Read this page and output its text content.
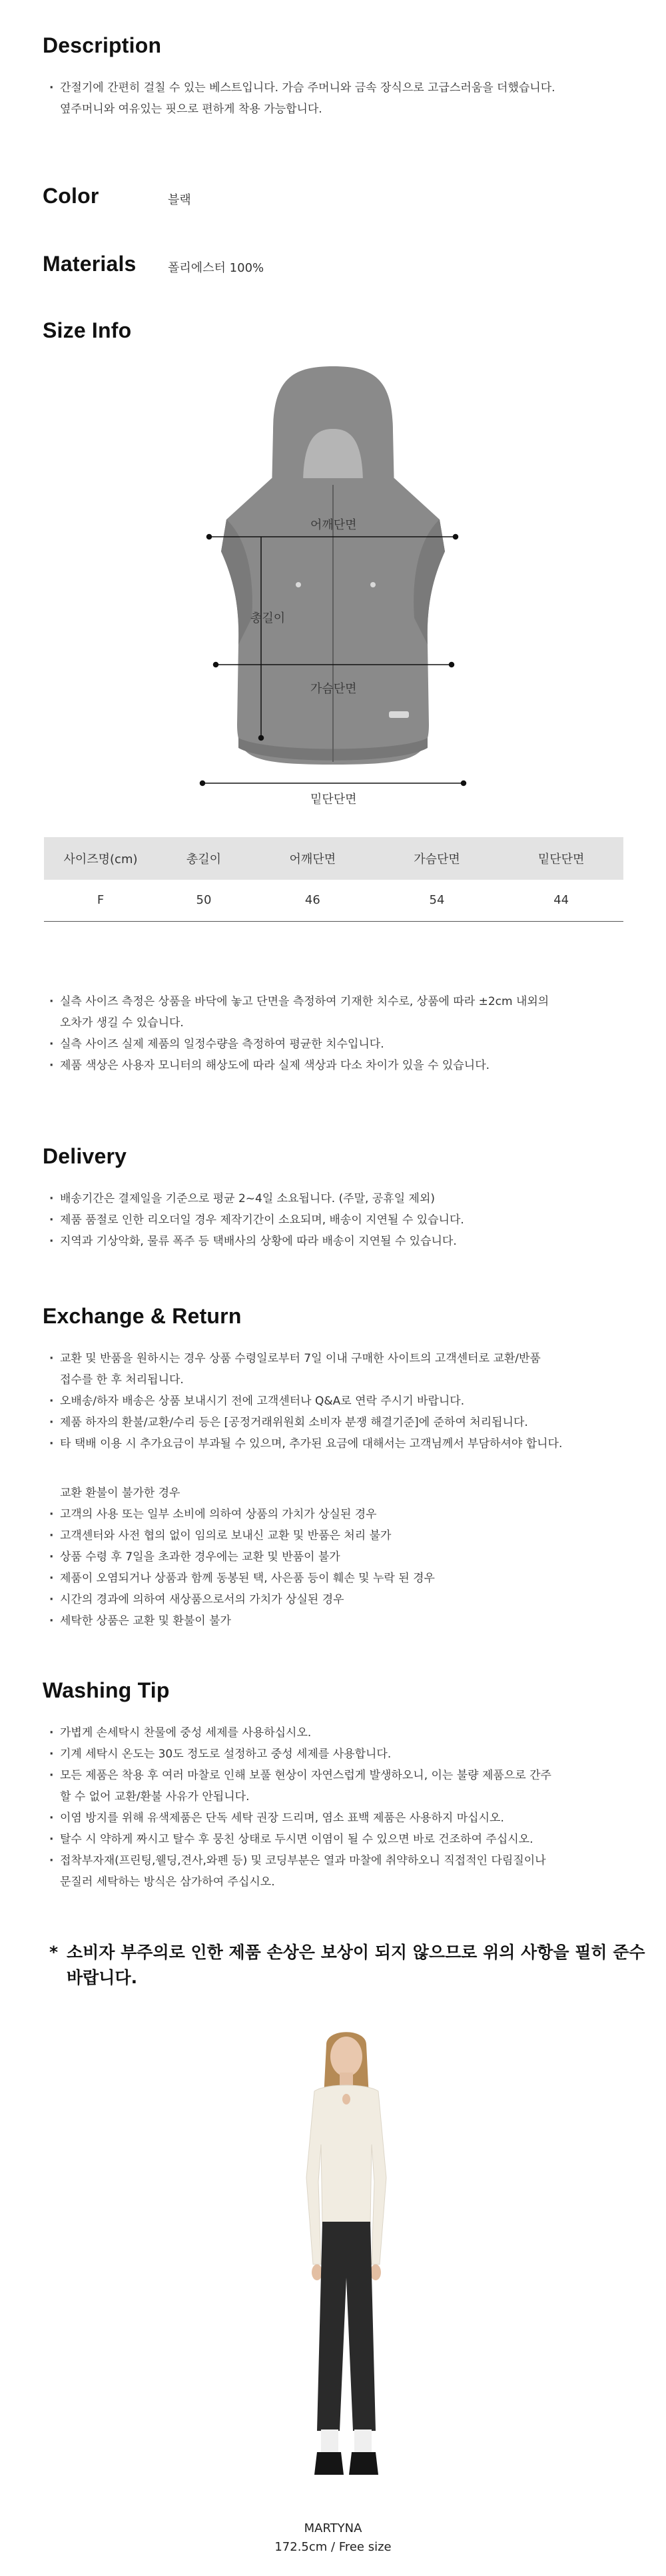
Description
· 간절기에 간편히 걸칠 수 있는 베스트입니다. 가슴 주머니와 금속 장식으로 고급스러움을 더했습니다.
옆주머니와 여유있는 핏으로 편하게 착용 가능합니다.
Color	블랙
Materials	폴리에스터 100%
Size Info
어깨단면
총길이
가슴단면
밑단단면
사이즈명(cm)	총길이	어깨단면	가슴단면	밑단단면
F	50	46	54	44
· 실측 사이즈 측정은 상품을 바닥에 놓고 단면을 측정하여 기재한 치수로, 상품에 따라 ±2cm 내외의
오차가 생길 수 있습니다.
· 실측 사이즈 실제 제품의 일정수량을 측정하여 평균한 치수입니다.
· 제품 색상은 사용자 모니터의 해상도에 따라 실제 색상과 다소 차이가 있을 수 있습니다.
Delivery
· 배송기간은 결제일을 기준으로 평균 2~4일 소요됩니다. (주말, 공휴일 제외)
· 제품 품절로 인한 리오더일 경우 제작기간이 소요되며, 배송이 지연될 수 있습니다.
· 지역과 기상악화, 물류 폭주 등 택배사의 상황에 따라 배송이 지연될 수 있습니다.
Exchange & Return
· 교환 및 반품을 원하시는 경우 상품 수령일로부터 7일 이내 구매한 사이트의 고객센터로 교환/반품
접수를 한 후 처리됩니다.
· 오배송/하자 배송은 상품 보내시기 전에 고객센터나 Q&A로 연락 주시기 바랍니다.
· 제품 하자의 환불/교환/수리 등은 [공정거래위원회 소비자 분쟁 해결기준]에 준하여 처리됩니다.
· 타 택배 이용 시 추가요금이 부과될 수 있으며, 추가된 요금에 대해서는 고객님께서 부담하셔야 합니다.
교환 환불이 불가한 경우
· 고객의 사용 또는 일부 소비에 의하여 상품의 가치가 상실된 경우
· 고객센터와 사전 협의 없이 임의로 보내신 교환 및 반품은 처리 불가
· 상품 수령 후 7일을 초과한 경우에는 교환 및 반품이 불가
· 제품이 오염되거나 상품과 함께 동봉된 택, 사은품 등이 훼손 및 누락 된 경우
· 시간의 경과에 의하여 새상품으로서의 가치가 상실된 경우
· 세탁한 상품은 교환 및 환불이 불가
Washing Tip
· 가볍게 손세탁시 찬물에 중성 세제를 사용하십시오.
· 기계 세탁시 온도는 30도 정도로 설정하고 중성 세제를 사용합니다.
· 모든 제품은 착용 후 여러 마찰로 인해 보풀 현상이 자연스럽게 발생하오니, 이는 불량 제품으로 간주
할 수 없어 교환/환불 사유가 안됩니다.
· 이염 방지를 위해 유색제품은 단독 세탁 권장 드리며, 염소 표백 제품은 사용하지 마십시오.
· 탈수 시 약하게 짜시고 탈수 후 뭉친 상태로 두시면 이염이 될 수 있으면 바로 건조하여 주십시오.
· 접착부자재(프린팅,웰딩,견사,와펜 등) 및 코딩부분은 열과 마찰에 취약하오니 직접적인 다림질이나
문질러 세탁하는 방식은 삼가하여 주십시오.
* 소비자 부주의로 인한 제품 손상은 보상이 되지 않으므로 위의 사항을 필히 준수 바랍니다.
MARTYNA
172.5cm / Free size
